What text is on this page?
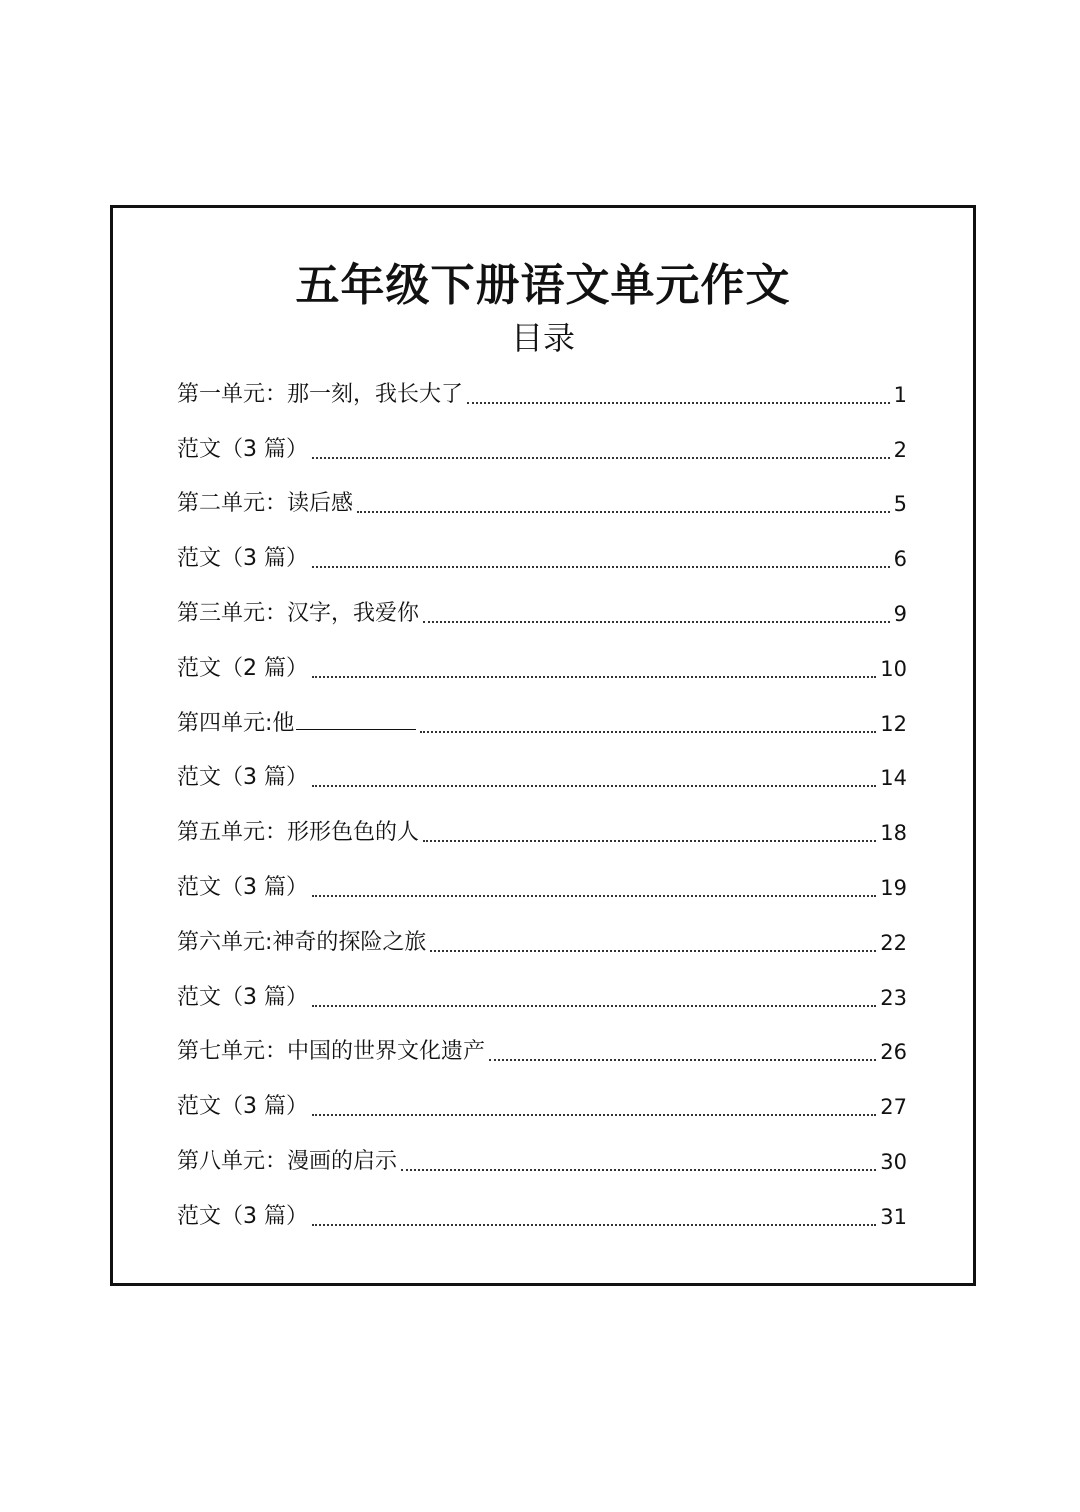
五年级下册语文单元作文
目录
第一单元：那一刻，我长大了	1
范文（3 篇）	2
第二单元：读后感	5
范文（3 篇）	6
第三单元：汉字，我爱你	9
范文（2 篇）	10
第四单元:他	12
范文（3 篇）	14
第五单元：形形色色的人	18
范文（3 篇）	19
第六单元:神奇的探险之旅	22
范文（3 篇）	23
第七单元：中国的世界文化遗产	26
范文（3 篇）	27
第八单元：漫画的启示	30
范文（3 篇）	31
